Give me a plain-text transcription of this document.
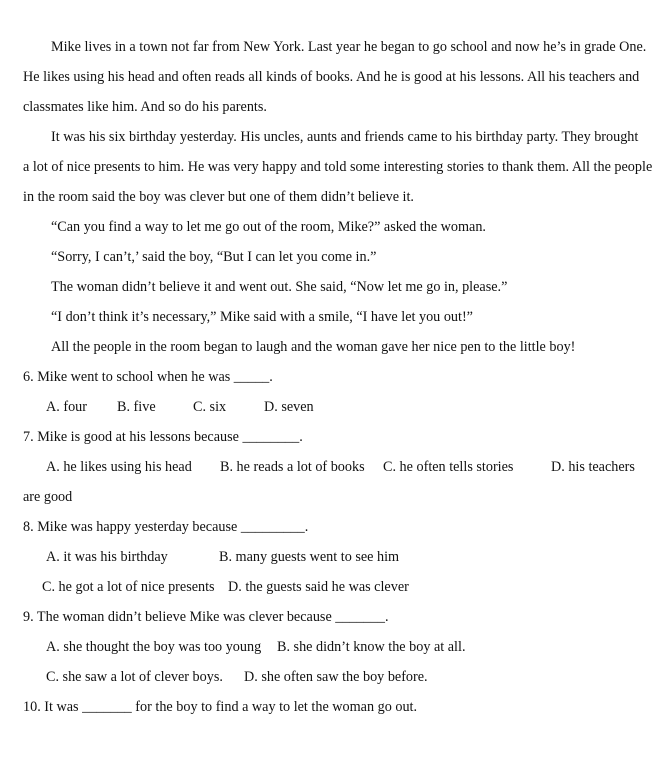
Mike lives in a town not far from New York. Last year he began to go school and now he’s in grade One.
He likes using his head and often reads all kinds of books. And he is good at his lessons. All his teachers and
classmates like him. And so do his parents.
It was his six birthday yesterday. His uncles, aunts and friends came to his birthday party. They brought
a lot of nice presents to him. He was very happy and told some interesting stories to thank them. All the people
in the room said the boy was clever but one of them didn’t believe it.
“Can you find a way to let me go out of the room, Mike?” asked the woman.
“Sorry, I can’t,’ said the boy, “But I can let you come in.”
The woman didn’t believe it and went out. She said, “Now let me go in, please.”
“I don’t think it’s necessary,” Mike said with a smile, “I have let you out!”
All the people in the room began to laugh and the woman gave her nice pen to the little boy!
6. Mike went to school when he was _____.
A. four B. five	C. six	D. seven
7. Mike is good at his lessons because ________.
A. he likes using his head B. he reads a lot of books C. he often tells stories	D. his teachers
are good
8. Mike was happy yesterday because _________.
A. it was his birthday	B. many guests went to see him
C. he got a lot of nice presents D. the guests said he was clever
9. The woman didn’t believe Mike was clever because _______.
A. she thought the boy was too young B. she didn’t know the boy at all.
C. she saw a lot of clever boys. D. she often saw the boy before.
10. It was _______ for the boy to find a way to let the woman go out.
